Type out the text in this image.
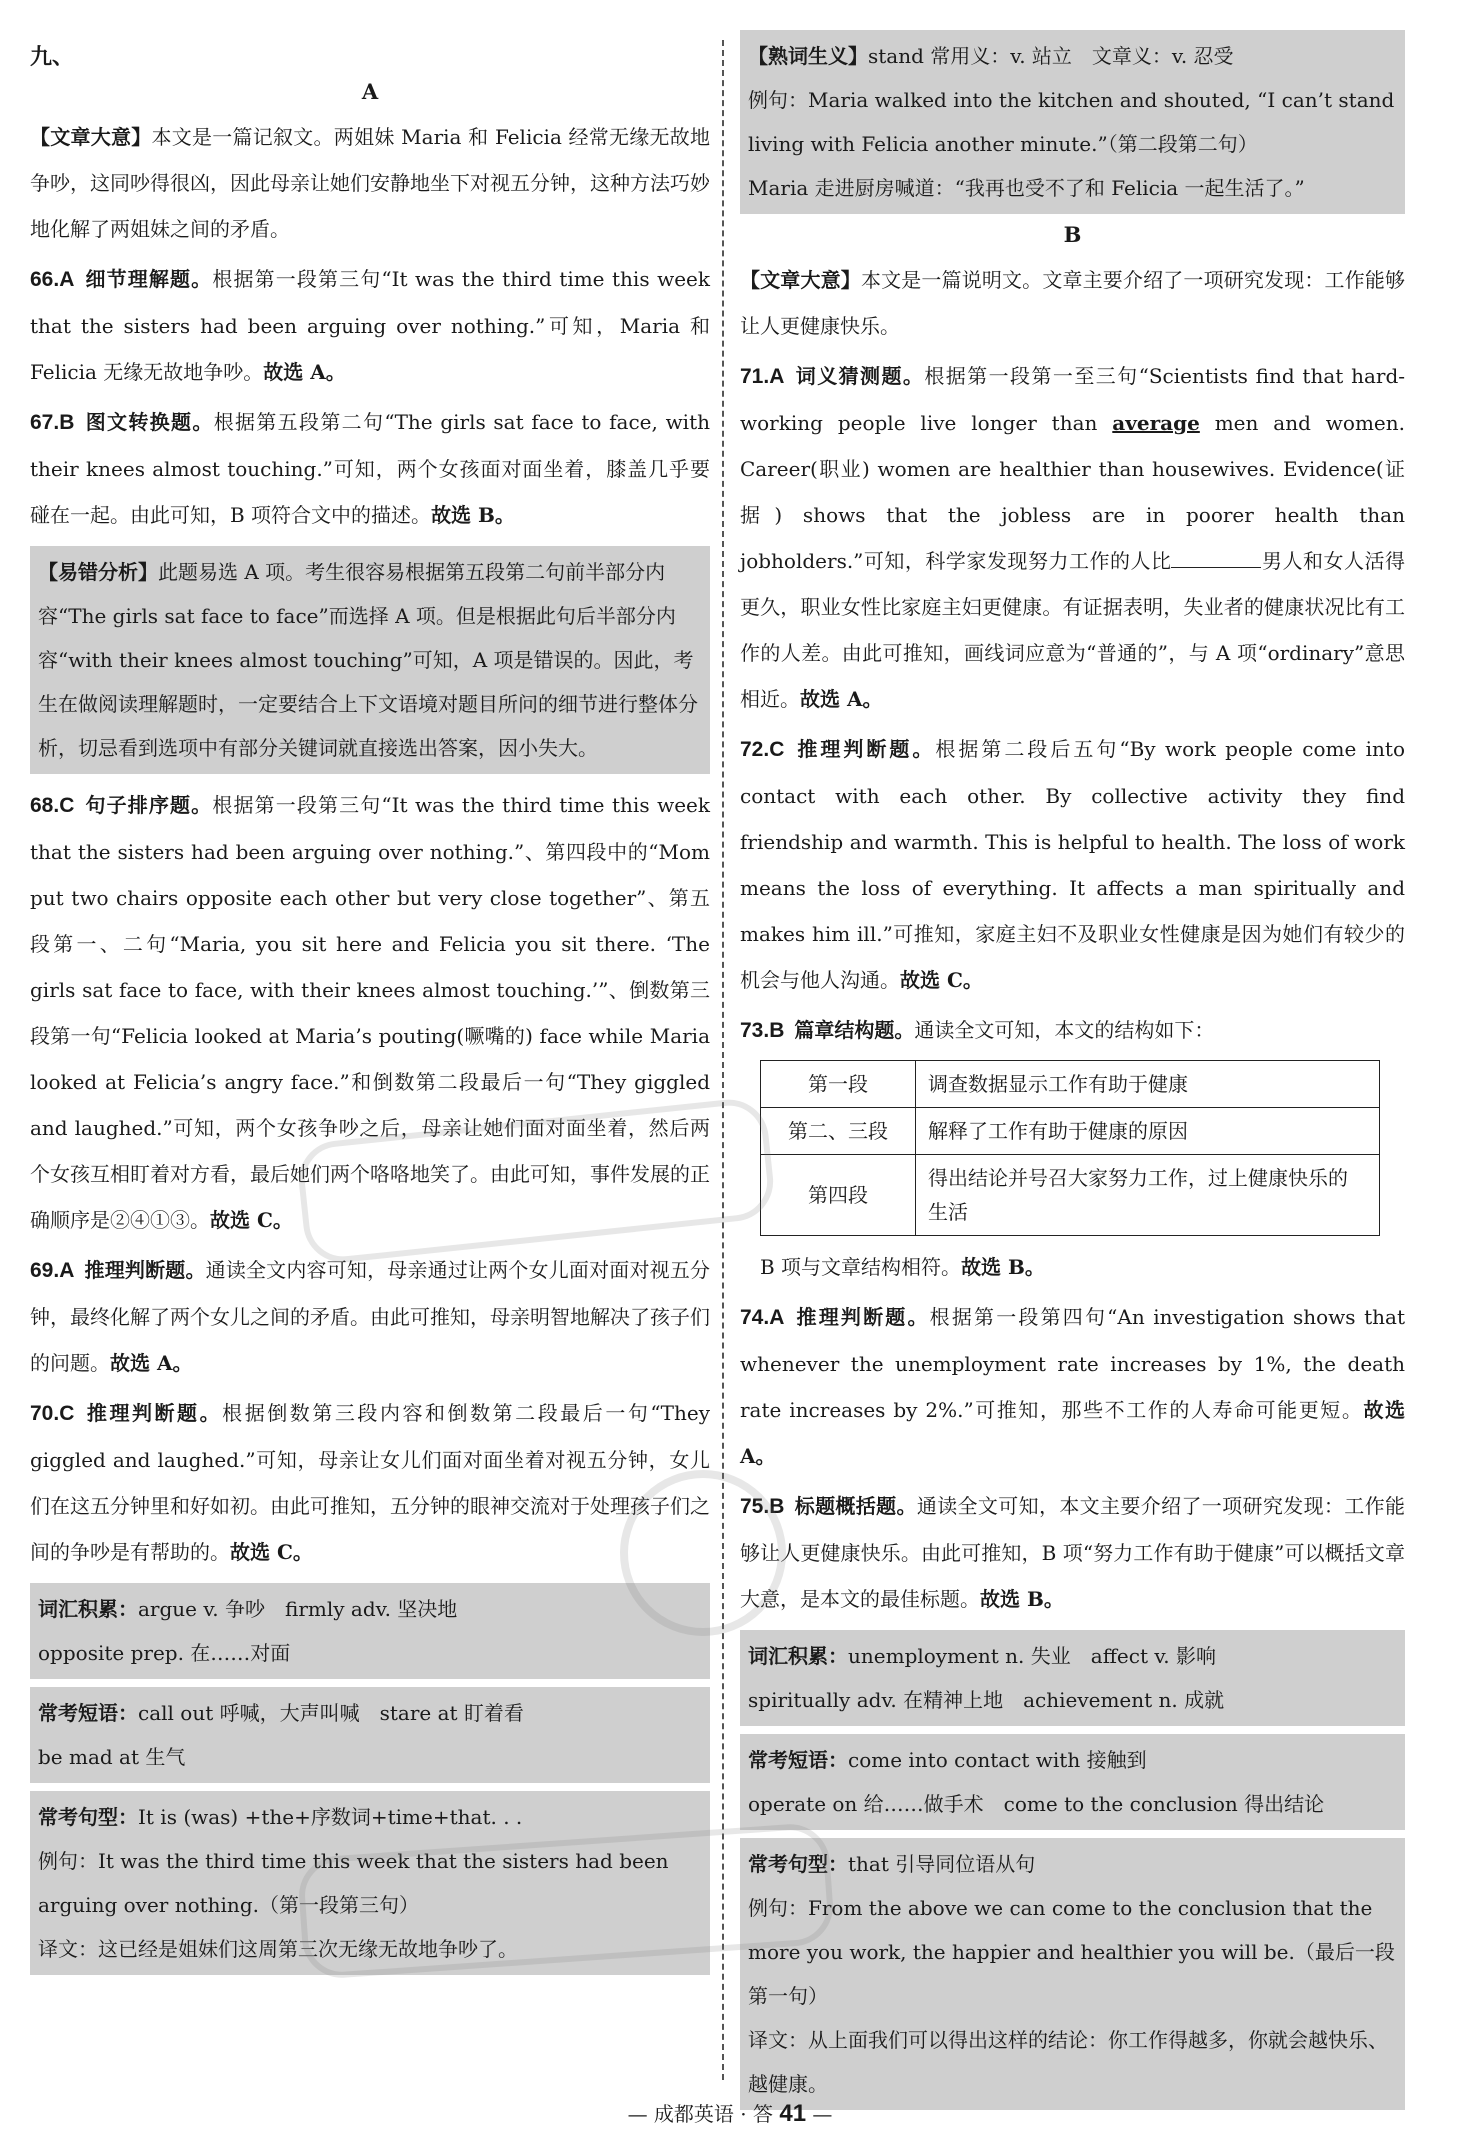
九、
A

【文章大意】本文是一篇记叙文。两姐妹 Maria 和 Felicia 经常无缘无故地争吵，这同吵得很凶，因此母亲让她们安静地坐下对视五分钟，这种方法巧妙地化解了两姐妹之间的矛盾。

66.A 细节理解题。根据第一段第三句“It was the third time this week that the sisters had been arguing over nothing.”可知，Maria 和 Felicia 无缘无故地争吵。故选 A。

67.B 图文转换题。根据第五段第二句“The girls sat face to face, with their knees almost touching.”可知，两个女孩面对面坐着，膝盖几乎要碰在一起。由此可知，B 项符合文中的描述。故选 B。

【易错分析】此题易选 A 项。考生很容易根据第五段第二句前半部分内容“The girls sat face to face”而选择 A 项。但是根据此句后半部分内容“with their knees almost touching”可知，A 项是错误的。因此，考生在做阅读理解题时，一定要结合上下文语境对题目所问的细节进行整体分析，切忌看到选项中有部分关键词就直接选出答案，因小失大。

68.C 句子排序题。根据第一段第三句“It was the third time this week that the sisters had been arguing over nothing.”、第四段中的“Mom put two chairs opposite each other but very close together”、第五段第一、二句“Maria, you sit here and Felicia you sit there. ‘The girls sat face to face, with their knees almost touching.’”、倒数第三段第一句“Felicia looked at Maria’s pouting(噘嘴的) face while Maria looked at Felicia’s angry face.”和倒数第二段最后一句“They giggled and laughed.”可知，两个女孩争吵之后，母亲让她们面对面坐着，然后两个女孩互相盯着对方看，最后她们两个咯咯地笑了。由此可知，事件发展的正确顺序是②④①③。故选 C。

69.A 推理判断题。通读全文内容可知，母亲通过让两个女儿面对面对视五分钟，最终化解了两个女儿之间的矛盾。由此可推知，母亲明智地解决了孩子们的问题。故选 A。

70.C 推理判断题。根据倒数第三段内容和倒数第二段最后一句“They giggled and laughed.”可知，母亲让女儿们面对面坐着对视五分钟，女儿们在这五分钟里和好如初。由此可推知，五分钟的眼神交流对于处理孩子们之间的争吵是有帮助的。故选 C。

词汇积累：argue v. 争吵　firmly adv. 坚决地

opposite prep. 在……对面

常考短语：call out 呼喊，大声叫喊　stare at 盯着看

be mad at 生气

常考句型：It is (was) +the+序数词+time+that. . .

例句：It was the third time this week that the sisters had been arguing over nothing.（第一段第三句）

译文：这已经是姐妹们这周第三次无缘无故地争吵了。

【熟词生义】stand 常用义：v. 站立　文章义：v. 忍受

例句：Maria walked into the kitchen and shouted, “I can’t stand living with Felicia another minute.”（第二段第二句）

Maria 走进厨房喊道：“我再也受不了和 Felicia 一起生活了。”

B

【文章大意】本文是一篇说明文。文章主要介绍了一项研究发现：工作能够让人更健康快乐。

71.A 词义猜测题。根据第一段第一至三句“Scientists find that hard-working people live longer than average men and women. Career(职业) women are healthier than housewives. Evidence(证据) shows that the jobless are in poorer health than jobholders.”可知，科学家发现努力工作的人比	男人和女人活得更久，职业女性比家庭主妇更健康。有证据表明，失业者的健康状况比有工作的人差。由此可推知，画线词应意为“普通的”，与 A 项“ordinary”意思相近。故选 A。

72.C 推理判断题。根据第二段后五句“By work people come into contact with each other. By collective activity they find friendship and warmth. This is helpful to health. The loss of work means the loss of everything. It affects a man spiritually and makes him ill.”可推知，家庭主妇不及职业女性健康是因为她们有较少的机会与他人沟通。故选 C。

73.B 篇章结构题。通读全文可知，本文的结构如下：

第一段	调查数据显示工作有助于健康
第二、三段	解释了工作有助于健康的原因
第四段	得出结论并号召大家努力工作，过上健康快乐的生活

B 项与文章结构相符。故选 B。

74.A 推理判断题。根据第一段第四句“An investigation shows that whenever the unemployment rate increases by 1%, the death rate increases by 2%.”可推知，那些不工作的人寿命可能更短。故选 A。

75.B 标题概括题。通读全文可知，本文主要介绍了一项研究发现：工作能够让人更健康快乐。由此可推知，B 项“努力工作有助于健康”可以概括文章大意，是本文的最佳标题。故选 B。

词汇积累：unemployment n. 失业　affect v. 影响

spiritually adv. 在精神上地　achievement n. 成就

常考短语：come into contact with 接触到

operate on 给……做手术　come to the conclusion 得出结论

常考句型：that 引导同位语从句

例句：From the above we can come to the conclusion that the more you work, the happier and healthier you will be.（最后一段第一句）

译文：从上面我们可以得出这样的结论：你工作得越多，你就会越快乐、越健康。

— 成都英语 · 答 41 —
